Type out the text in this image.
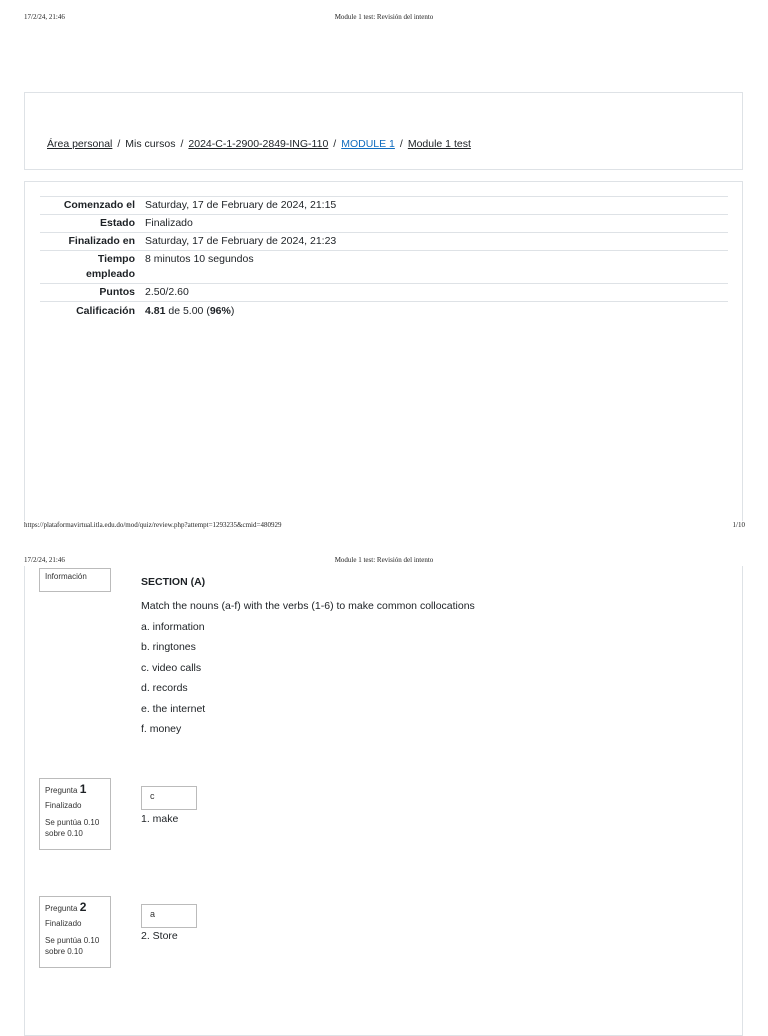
17/2/24, 21:46	Module 1 test: Revisión del intento
Área personal / Mis cursos / 2024-C-1-2900-2849-ING-110 / MODULE 1 / Module 1 test
Comenzado el	Saturday, 17 de February de 2024, 21:15
Estado	Finalizado
Finalizado en	Saturday, 17 de February de 2024, 21:23
Tiempo
empleado	8 minutos 10 segundos
Puntos	2.50/2.60
Calificación	4.81 de 5.00 (96%)
https://plataformavirtual.itla.edu.do/mod/quiz/review.php?attempt=1293235&cmid=480929	1/10
17/2/24, 21:46	Module 1 test: Revisión del intento
Información	SECTION (A)
Match the nouns (a-f) with the verbs (1-6) to make common collocations
a. information
b. ringtones
c. video calls
d. records
e. the internet
f. money
Pregunta 1
Finalizado
Se puntúa 0.10
sobre 0.10
c
1. make
Pregunta 2
Finalizado
Se puntúa 0.10
sobre 0.10
a
2. Store
